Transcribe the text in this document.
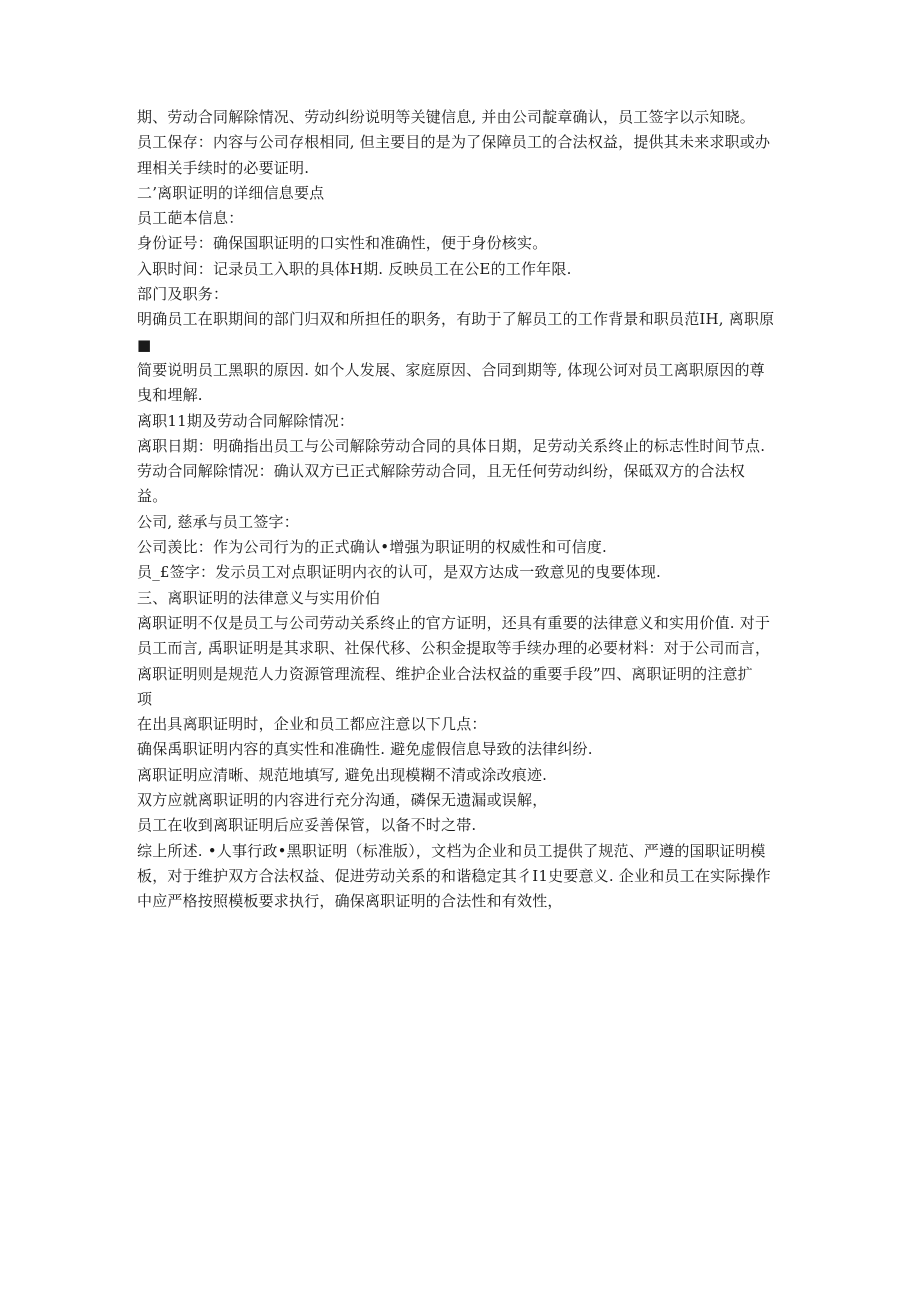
期、劳动合同解除情况、劳动纠纷说明等关键信息, 并由公司靛章确认，员工签字以示知晓。
员工保存：内容与公司存根相同, 但主要目的是为了保障员工的合法权益，提供其未来求职或办
理相关手续时的必要证明.
二’离职证明的详细信息要点
员工葩本信息：
身份证号：确保国职证明的口实性和准确性，便于身份核实。
入职时间：记录员工入职的具体H期. 反映员工在公E的工作年限.
部门及职务：
明确员工在职期间的部门归双和所担任的职务，有助于了解员工的工作背景和职员范IH, 离职原
■
简要说明员工黑职的原因. 如个人发展、家庭原因、合同到期等, 体现公诃对员工离职原因的尊
曳和埋解.
离职11期及劳动合同解除情况：
离职日期：明确指出员工与公司解除劳动合同的具体日期，足劳动关系终止的标志性时间节点.
劳动合同解除情况：确认双方已正式解除劳动合同，且无任何劳动纠纷，保砥双方的合法权
益。
公司, 慈承与员工签字：
公司羡比：作为公司行为的正式确认•增强为职证明的权威性和可信度.
员_£签字：发示员工对点职证明内衣的认可，是双方达成一致意见的曳要体现.
三、离职证明的法律意义与实用价伯
离职证明不仅是员工与公司劳动关系终止的官方证明，还具有重要的法律意义和实用价值. 对于
员工而言, 禹职证明是其求职、社保代移、公积金提取等手续办理的必要材料：对于公司而言，
离职证明则是规范人力资源管理流程、维护企业合法权益的重要手段”四、离职证明的注意扩
项
在出具离职证明时，企业和员工都应注意以下几点：
确保禹职证明内容的真实性和准确性. 避免虚假信息导致的法律纠纷.
离职证明应清晰、规范地填写, 避免出现模糊不清或涂改痕迹.
双方应就离职证明的内容进行充分沟通，磷保无遗漏或误解，
员工在收到离职证明后应妥善保管，以备不时之帯.
综上所述. •人事行政•黑职证明（标准版），文档为企业和员工提供了规范、严遵的国职证明模
板，对于维护双方合法权益、促进劳动关系的和谐稳定其彳I1史要意义. 企业和员工在实际操作
中应严格按照模板要求执行，确保离职证明的合法性和有效性，
